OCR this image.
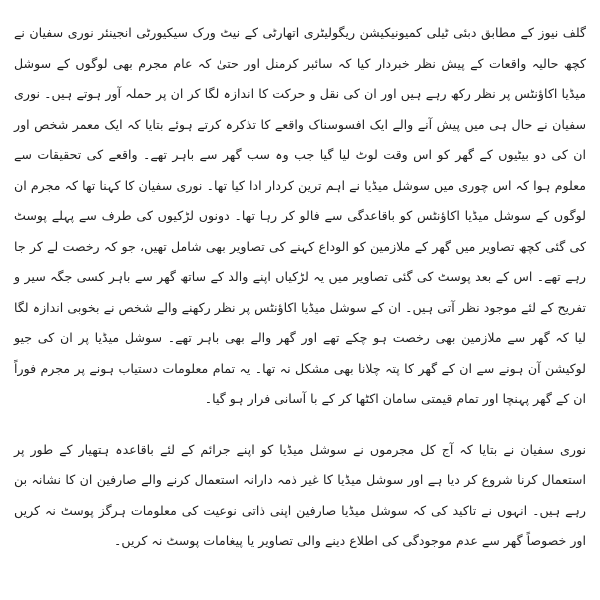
گلف نیوز کے مطابق دبئی ٹیلی کمیونیکیشن ریگولیٹری اتھارٹی کے نیٹ ورک سیکیورٹی انجینئر نوری سفیان نے کچھ حالیہ واقعات کے پیش نظر خبردار کیا کہ سائبر کرمنل اور حتیٰ کہ عام مجرم بھی لوگوں کے سوشل میڈیا اکاؤنٹس پر نظر رکھ رہے ہیں اور ان کی نقل و حرکت کا اندازہ لگا کر ان پر حملہ آور ہوتے ہیں۔ نوری سفیان نے حال ہی میں پیش آنے والے ایک افسوسناک واقعے کا تذکرہ کرتے ہوئے بتایا کہ ایک معمر شخص اور ان کی دو بیٹیوں کے گھر کو اس وقت لوٹ لیا گیا جب وہ سب گھر سے باہر تھے۔ واقعے کی تحقیقات سے معلوم ہوا کہ اس چوری میں سوشل میڈیا نے اہم ترین کردار ادا کیا تھا۔ نوری سفیان کا کہنا تھا کہ مجرم ان لوگوں کے سوشل میڈیا اکاؤنٹس کو باقاعدگی سے فالو کر رہا تھا۔ دونوں لڑکیوں کی طرف سے پہلے پوسٹ کی گئی کچھ تصاویر میں گھر کے ملازمین کو الوداع کہنے کی تصاویر بھی شامل تھیں، جو کہ رخصت لے کر جا رہے تھے۔ اس کے بعد پوسٹ کی گئی تصاویر میں یہ لڑکیاں اپنے والد کے ساتھ گھر سے باہر کسی جگہ سیر و تفریح کے لئے موجود نظر آتی ہیں۔ ان کے سوشل میڈیا اکاؤنٹس پر نظر رکھنے والے شخص نے بخوبی اندازہ لگا لیا کہ گھر سے ملازمین بھی رخصت ہو چکے تھے اور گھر والے بھی باہر تھے۔ سوشل میڈیا پر ان کی جیو لوکیشن آن ہونے سے ان کے گھر کا پتہ چلانا بھی مشکل نہ تھا۔ یہ تمام معلومات دستیاب ہونے پر مجرم فوراً ان کے گھر پہنچا اور تمام قیمتی سامان اکٹھا کر کے با آسانی فرار ہو گیا۔

نوری سفیان نے بتایا کہ آج کل مجرموں نے سوشل میڈیا کو اپنے جرائم کے لئے باقاعدہ ہتھیار کے طور پر استعمال کرنا شروع کر دیا ہے اور سوشل میڈیا کا غیر ذمہ دارانہ استعمال کرنے والے صارفین ان کا نشانہ بن رہے ہیں۔ انہوں نے تاکید کی کہ سوشل میڈیا صارفین اپنی ذاتی نوعیت کی معلومات ہرگز پوسٹ نہ کریں اور خصوصاً گھر سے عدم موجودگی کی اطلاع دینے والی تصاویر یا پیغامات پوسٹ نہ کریں۔
